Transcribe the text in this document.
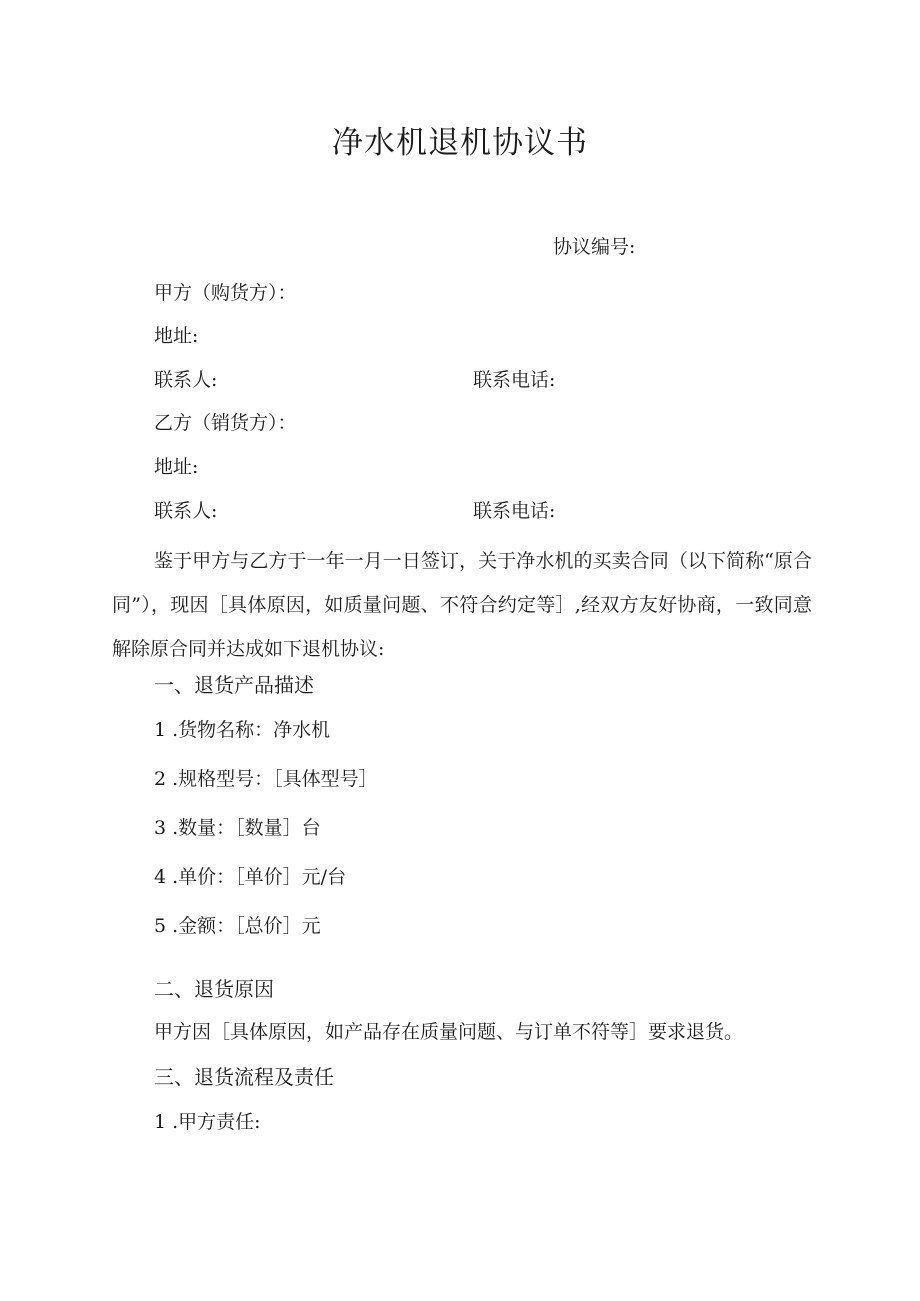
净水机退机协议书
协议编号:
甲方（购货方）：
地址:
联系人:	联系电话:
乙方（销货方）：
地址:
联系人:	联系电话:
鉴于甲方与乙方于一年一月一日签订，关于净水机的买卖合同（以下简称“原合同”），现因［具体原因，如质量问题、不符合约定等］,经双方友好协商，一致同意解除原合同并达成如下退机协议:
一、退货产品描述
1 .货物名称：净水机
2 .规格型号：［具体型号］
3 .数量：［数量］台
4 .单价：［单价］元/台
5 .金额：［总价］元
二、退货原因
甲方因［具体原因，如产品存在质量问题、与订单不符等］要求退货。
三、退货流程及责任
1 .甲方责任:
